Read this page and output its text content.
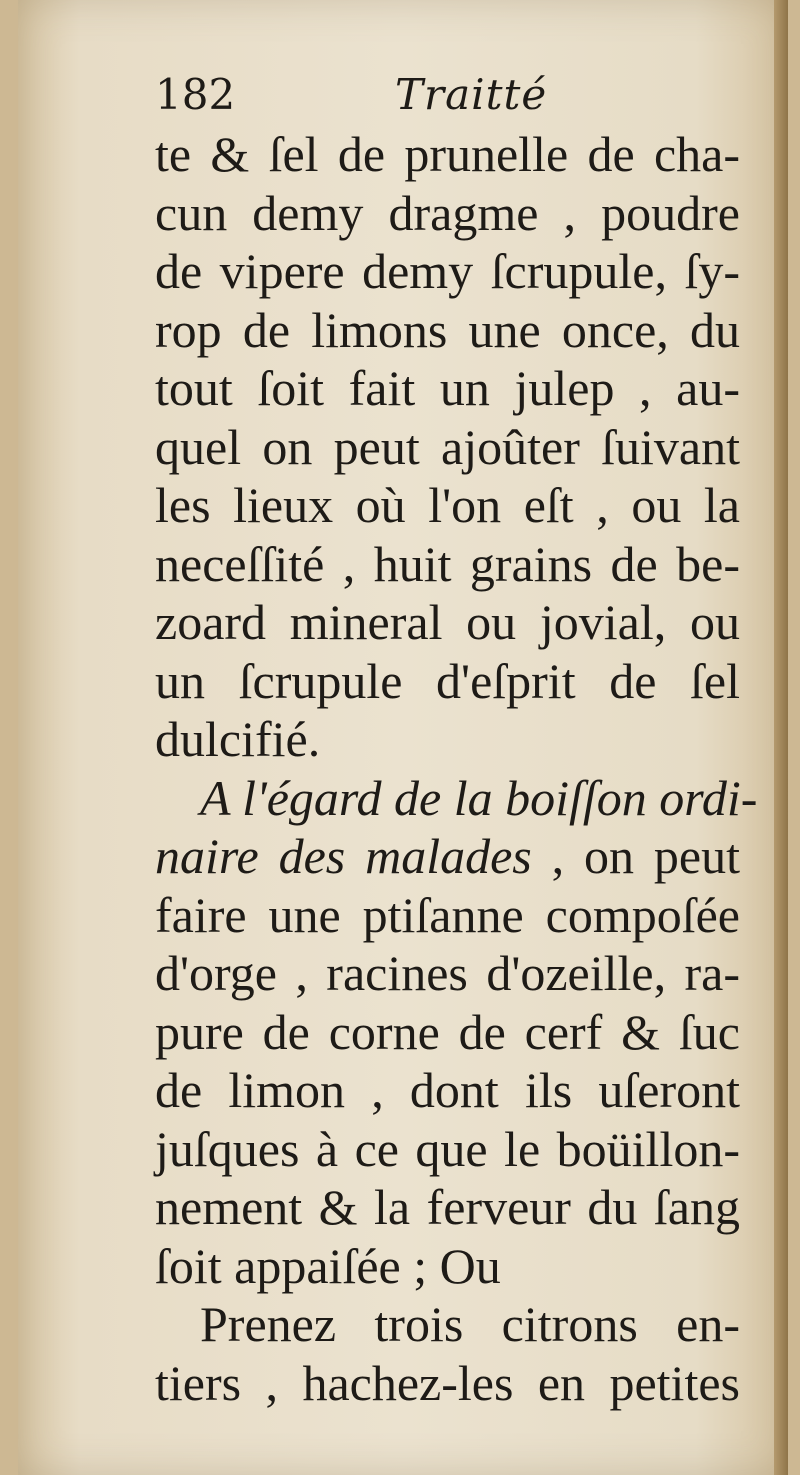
182	Traitté
te & ſel de prunelle de cha-
cun demy dragme , poudre
de vipere demy ſcrupule, ſy-
rop de limons une once, du
tout ſoit fait un julep , au-
quel on peut ajoûter ſuivant
les lieux où l'on eſt , ou la
neceſſité , huit grains de be-
zoard mineral ou jovial, ou
un ſcrupule d'eſprit de ſel
dulcifié.
A l'égard de la boiſſon ordi-
naire des malades , on peut
faire une ptiſanne compoſée
d'orge , racines d'ozeille, ra-
pure de corne de cerf & ſuc
de limon , dont ils uſeront
juſques à ce que le boüillon-
nement & la ferveur du ſang
ſoit appaiſée ; Ou
Prenez trois citrons en-
tiers , hachez-les en petites
